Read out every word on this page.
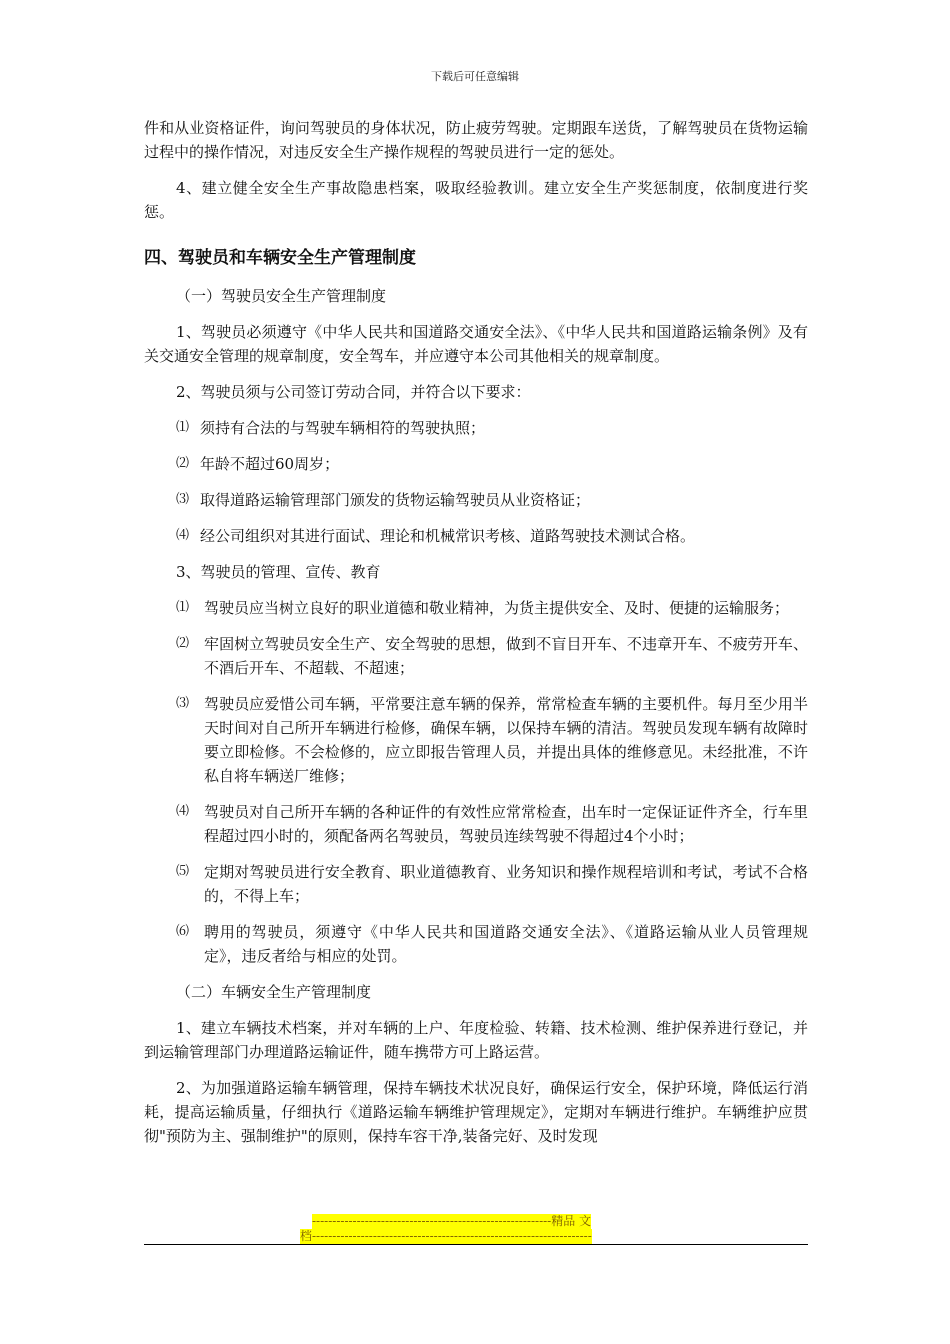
下载后可任意编辑

件和从业资格证件，询问驾驶员的身体状况，防止疲劳驾驶。定期跟车送货，了解驾驶员在货物运输过程中的操作情况，对违反安全生产操作规程的驾驶员进行一定的惩处。

4、建立健全安全生产事故隐患档案，吸取经验教训。建立安全生产奖惩制度，依制度进行奖惩。

四、驾驶员和车辆安全生产管理制度

（一）驾驶员安全生产管理制度

1、驾驶员必须遵守《中华人民共和国道路交通安全法》、《中华人民共和国道路运输条例》及有关交通安全管理的规章制度，安全驾车，并应遵守本公司其他相关的规章制度。

2、驾驶员须与公司签订劳动合同，并符合以下要求：

⑴ 须持有合法的与驾驶车辆相符的驾驶执照；
⑵ 年龄不超过60周岁；
⑶ 取得道路运输管理部门颁发的货物运输驾驶员从业资格证；
⑷ 经公司组织对其进行面试、理论和机械常识考核、道路驾驶技术测试合格。

3、驾驶员的管理、宣传、教育

⑴ 驾驶员应当树立良好的职业道德和敬业精神，为货主提供安全、及时、便捷的运输服务；
⑵ 牢固树立驾驶员安全生产、安全驾驶的思想，做到不盲目开车、不违章开车、不疲劳开车、不酒后开车、不超载、不超速；
⑶ 驾驶员应爱惜公司车辆，平常要注意车辆的保养，常常检查车辆的主要机件。每月至少用半天时间对自己所开车辆进行检修，确保车辆，以保持车辆的清洁。驾驶员发现车辆有故障时要立即检修。不会检修的，应立即报告管理人员，并提出具体的维修意见。未经批准，不许私自将车辆送厂维修；
⑷ 驾驶员对自己所开车辆的各种证件的有效性应常常检查，出车时一定保证证件齐全，行车里程超过四小时的，须配备两名驾驶员，驾驶员连续驾驶不得超过4个小时；
⑸ 定期对驾驶员进行安全教育、职业道德教育、业务知识和操作规程培训和考试，考试不合格的，不得上车；
⑹ 聘用的驾驶员，须遵守《中华人民共和国道路交通安全法》、《道路运输从业人员管理规定》，违反者给与相应的处罚。

（二）车辆安全生产管理制度

1、建立车辆技术档案，并对车辆的上户、年度检验、转籍、技术检测、维护保养进行登记，并到运输管理部门办理道路运输证件，随车携带方可上路运营。

2、为加强道路运输车辆管理，保持车辆技术状况良好，确保运行安全，保护环境，降低运行消耗，提高运输质量，仔细执行《道路运输车辆维护管理规定》，定期对车辆进行维护。车辆维护应贯彻"预防为主、强制维护"的原则，保持车容干净,装备完好、及时发现

-----------------------------------------------------------精品 文
档---------------------------------------------------------------------
